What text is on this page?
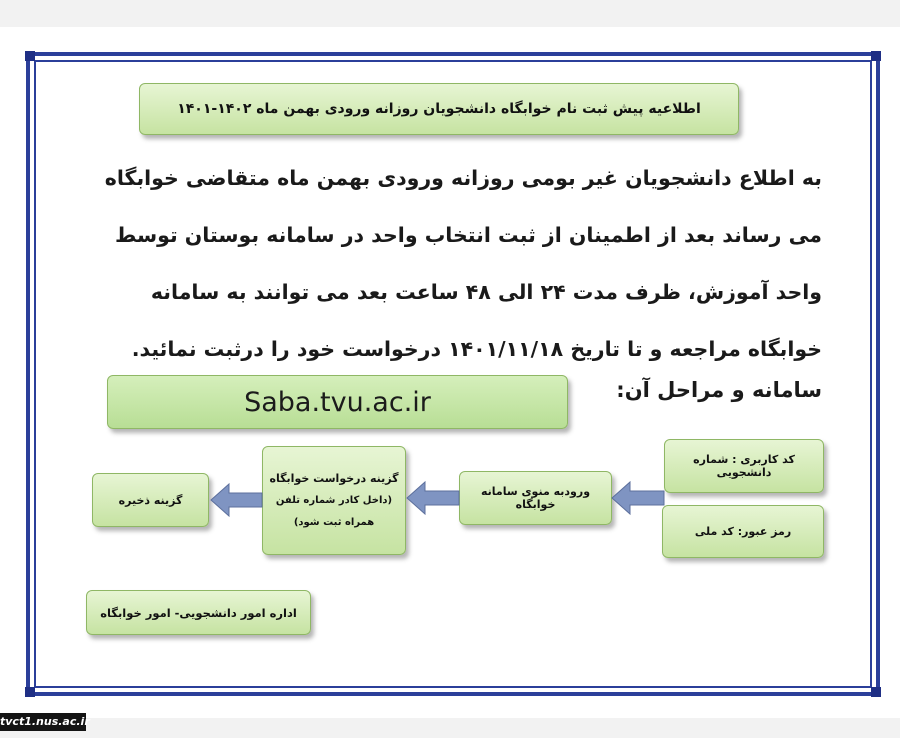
اطلاعیه پیش ثبت نام خوابگاه دانشجویان روزانه ورودی بهمن ماه ۱۴۰۲-۱۴۰۱
به اطلاع دانشجویان غیر بومی روزانه ورودی بهمن ماه متقاضی خوابگاه
می رساند بعد از اطمینان از ثبت انتخاب واحد در سامانه بوستان توسط
واحد آموزش، ظرف مدت ۲۴ الی ۴۸ ساعت بعد می توانند به سامانه
خوابگاه مراجعه و تا تاریخ ۱۴۰۱/۱۱/۱۸ درخواست خود را درثبت نمائید.
سامانه و مراحل آن:
Saba.tvu.ac.ir
کد کاربری : شماره دانشجویی
رمز عبور: کد ملی
ورودبه منوی سامانه خوابگاه
گزینه درخواست خوابگاه
(داخل کادر شماره تلفن
همراه ثبت شود)
گزینه ذخیره
اداره امور دانشجویی- امور خوابگاه
tvct1.nus.ac.ir
